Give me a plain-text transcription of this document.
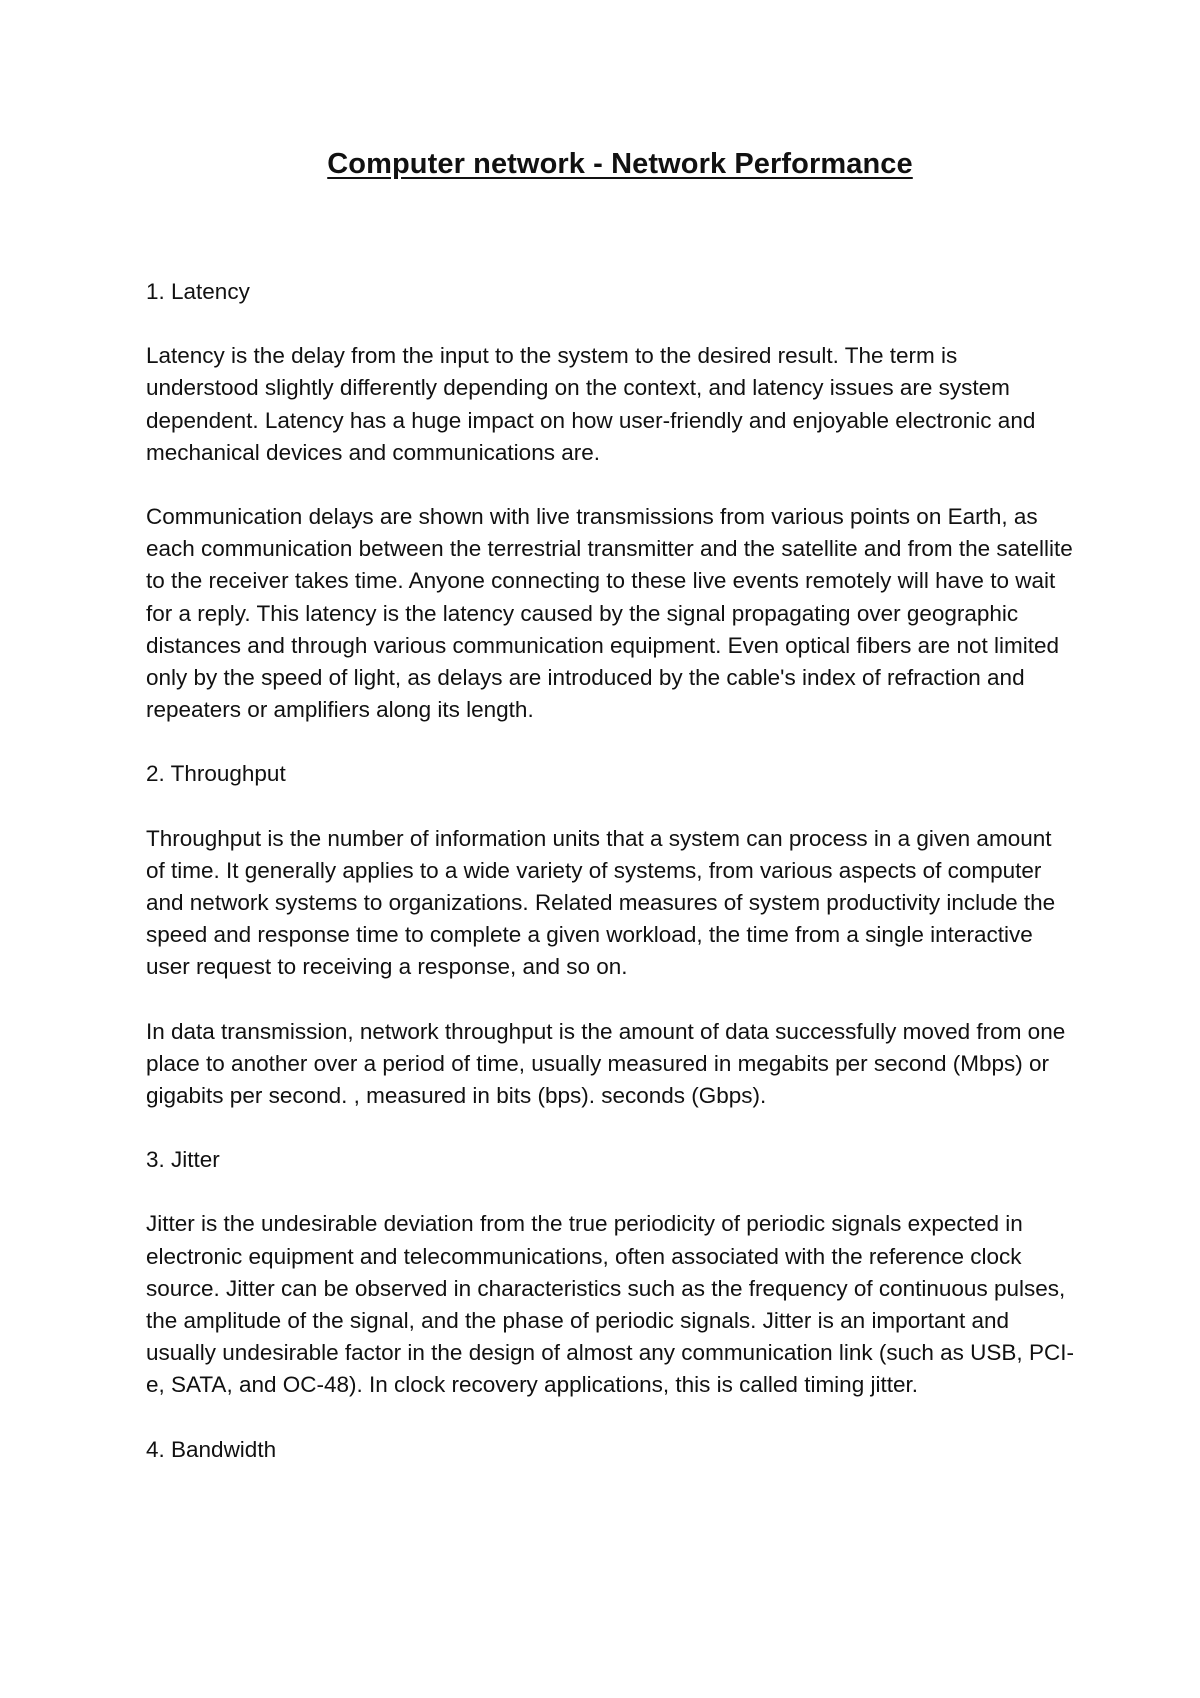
Computer network - Network Performance

1. Latency

Latency is the delay from the input to the system to the desired result. The term is understood slightly differently depending on the context, and latency issues are system dependent. Latency has a huge impact on how user-friendly and enjoyable electronic and mechanical devices and communications are.

Communication delays are shown with live transmissions from various points on Earth, as each communication between the terrestrial transmitter and the satellite and from the satellite to the receiver takes time. Anyone connecting to these live events remotely will have to wait for a reply. This latency is the latency caused by the signal propagating over geographic distances and through various communication equipment. Even optical fibers are not limited only by the speed of light, as delays are introduced by the cable's index of refraction and repeaters or amplifiers along its length.

2. Throughput

Throughput is the number of information units that a system can process in a given amount of time. It generally applies to a wide variety of systems, from various aspects of computer and network systems to organizations. Related measures of system productivity include the speed and response time to complete a given workload, the time from a single interactive user request to receiving a response, and so on.

In data transmission, network throughput is the amount of data successfully moved from one place to another over a period of time, usually measured in megabits per second (Mbps) or gigabits per second. , measured in bits (bps). seconds (Gbps).

3. Jitter

Jitter is the undesirable deviation from the true periodicity of periodic signals expected in electronic equipment and telecommunications, often associated with the reference clock source. Jitter can be observed in characteristics such as the frequency of continuous pulses, the amplitude of the signal, and the phase of periodic signals. Jitter is an important and usually undesirable factor in the design of almost any communication link (such as USB, PCI-e, SATA, and OC-48). In clock recovery applications, this is called timing jitter.

4. Bandwidth
